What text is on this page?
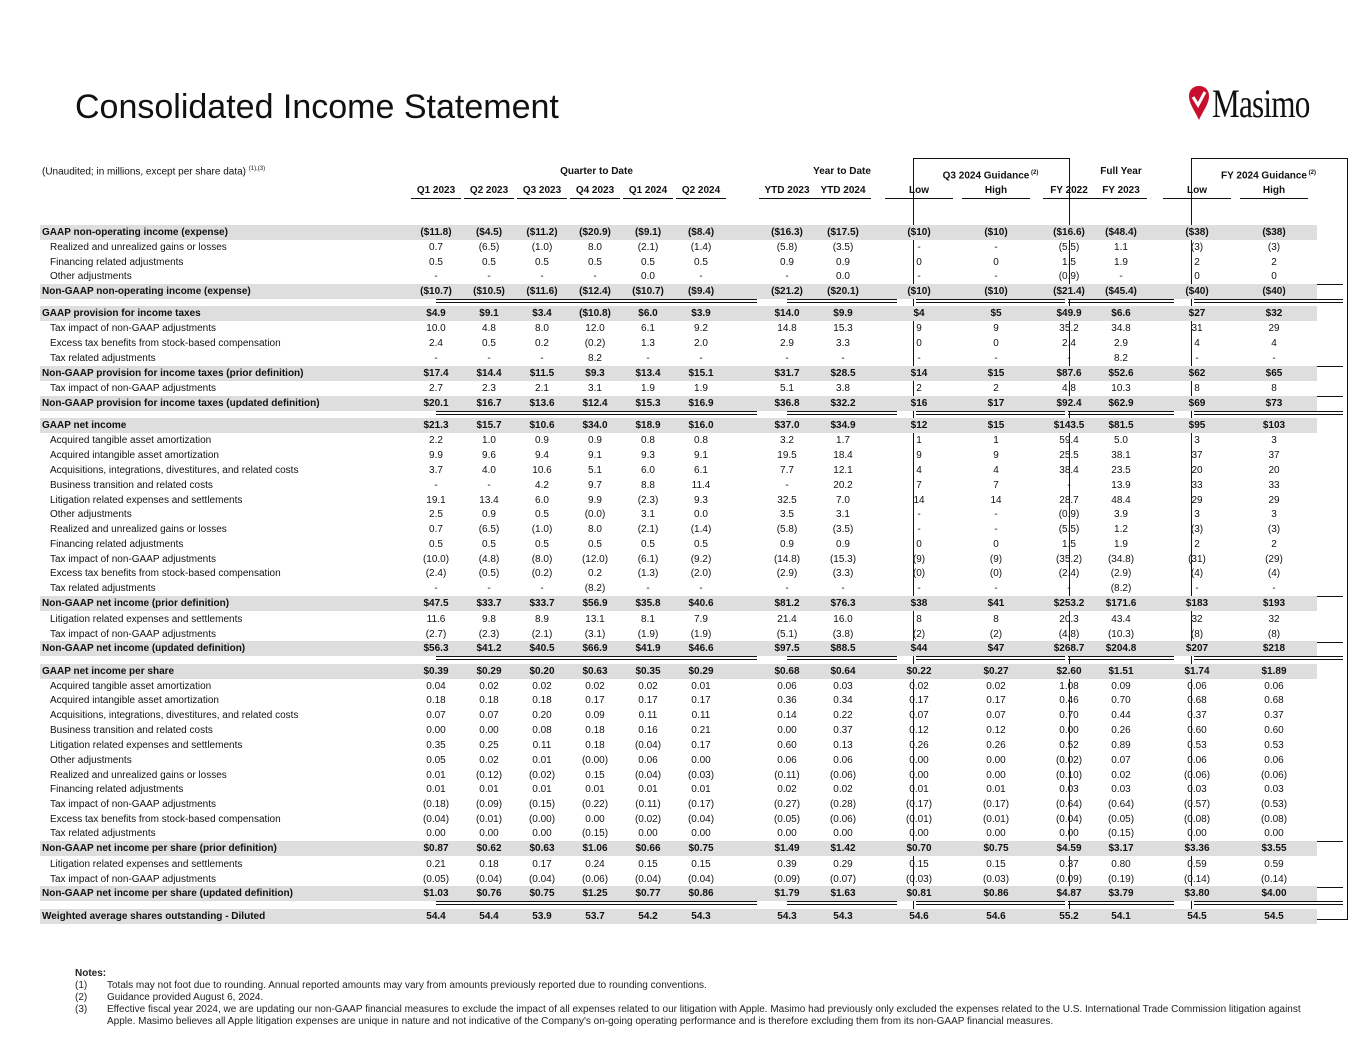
Consolidated Income Statement	Masimo
(Unaudited; in millions, except per share data) $^{(1),(3)}$	Quarter to Date	Year to Date	Q3 2024 Guidance $^{(2)}$	Full Year	FY 2024 Guidance $^{(2)}$
Q1 2023	Q2 2023	Q3 2023	Q4 2023	Q1 2024	Q2 2024	YTD 2023	YTD 2024	Low	High	FY 2022	FY 2023	Low	High
GAAP non-operating income (expense)	($11.8)	($4.5)	($11.2)	($20.9)	($9.1)	($8.4)	($16.3)	($17.5)	($10)	($10)	($16.6)	($48.4)	($38)	($38)
Realized and unrealized gains or losses	0.7	(6.5)	(1.0)	8.0	(2.1)	(1.4)	(5.8)	(3.5)	-	-	(5.5)	1.1	(3)	(3)
Financing related adjustments	0.5	0.5	0.5	0.5	0.5	0.5	0.9	0.9	0	0	1.5	1.9	2	2
Other adjustments	-	-	-	-	0.0	-	-	0.0	-	-	(0.9)	-	0	0
Non-GAAP non-operating income (expense)	($10.7)	($10.5)	($11.6)	($12.4)	($10.7)	($9.4)	($21.2)	($20.1)	($10)	($10)	($21.4)	($45.4)	($40)	($40)
GAAP provision for income taxes	$4.9	$9.1	$3.4	($10.8)	$6.0	$3.9	$14.0	$9.9	$4	$5	$49.9	$6.6	$27	$32
Tax impact of non-GAAP adjustments	10.0	4.8	8.0	12.0	6.1	9.2	14.8	15.3	9	9	35.2	34.8	31	29
Excess tax benefits from stock-based compensation	2.4	0.5	0.2	(0.2)	1.3	2.0	2.9	3.3	0	0	2.4	2.9	4	4
Tax related adjustments	-	-	-	8.2	-	-	-	-	-	-	-	8.2	-	-
Non-GAAP provision for income taxes (prior definition)	$17.4	$14.4	$11.5	$9.3	$13.4	$15.1	$31.7	$28.5	$14	$15	$87.6	$52.6	$62	$65
Tax impact of non-GAAP adjustments	2.7	2.3	2.1	3.1	1.9	1.9	5.1	3.8	2	2	4.8	10.3	8	8
Non-GAAP provision for income taxes (updated definition)	$20.1	$16.7	$13.6	$12.4	$15.3	$16.9	$36.8	$32.2	$16	$17	$92.4	$62.9	$69	$73
GAAP net income	$21.3	$15.7	$10.6	$34.0	$18.9	$16.0	$37.0	$34.9	$12	$15	$143.5	$81.5	$95	$103
Acquired tangible asset amortization	2.2	1.0	0.9	0.9	0.8	0.8	3.2	1.7	1	1	59.4	5.0	3	3
Acquired intangible asset amortization	9.9	9.6	9.4	9.1	9.3	9.1	19.5	18.4	9	9	25.5	38.1	37	37
Acquisitions, integrations, divestitures, and related costs	3.7	4.0	10.6	5.1	6.0	6.1	7.7	12.1	4	4	38.4	23.5	20	20
Business transition and related costs	-	-	4.2	9.7	8.8	11.4	-	20.2	7	7	-	13.9	33	33
Litigation related expenses and settlements	19.1	13.4	6.0	9.9	(2.3)	9.3	32.5	7.0	14	14	28.7	48.4	29	29
Other adjustments	2.5	0.9	0.5	(0.0)	3.1	0.0	3.5	3.1	-	-	(0.9)	3.9	3	3
Realized and unrealized gains or losses	0.7	(6.5)	(1.0)	8.0	(2.1)	(1.4)	(5.8)	(3.5)	-	-	(5.5)	1.2	(3)	(3)
Financing related adjustments	0.5	0.5	0.5	0.5	0.5	0.5	0.9	0.9	0	0	1.5	1.9	2	2
Tax impact of non-GAAP adjustments	(10.0)	(4.8)	(8.0)	(12.0)	(6.1)	(9.2)	(14.8)	(15.3)	(9)	(9)	(35.2)	(34.8)	(31)	(29)
Excess tax benefits from stock-based compensation	(2.4)	(0.5)	(0.2)	0.2	(1.3)	(2.0)	(2.9)	(3.3)	(0)	(0)	(2.4)	(2.9)	(4)	(4)
Tax related adjustments	-	-	-	(8.2)	-	-	-	-	-	-	-	(8.2)	-	-
Non-GAAP net income (prior definition)	$47.5	$33.7	$33.7	$56.9	$35.8	$40.6	$81.2	$76.3	$38	$41	$253.2	$171.6	$183	$193
Litigation related expenses and settlements	11.6	9.8	8.9	13.1	8.1	7.9	21.4	16.0	8	8	20.3	43.4	32	32
Tax impact of non-GAAP adjustments	(2.7)	(2.3)	(2.1)	(3.1)	(1.9)	(1.9)	(5.1)	(3.8)	(2)	(2)	(4.8)	(10.3)	(8)	(8)
Non-GAAP net income (updated definition)	$56.3	$41.2	$40.5	$66.9	$41.9	$46.6	$97.5	$88.5	$44	$47	$268.7	$204.8	$207	$218
GAAP net income per share	$0.39	$0.29	$0.20	$0.63	$0.35	$0.29	$0.68	$0.64	$0.22	$0.27	$2.60	$1.51	$1.74	$1.89
Acquired tangible asset amortization	0.04	0.02	0.02	0.02	0.02	0.01	0.06	0.03	0.02	0.02	1.08	0.09	0.06	0.06
Acquired intangible asset amortization	0.18	0.18	0.18	0.17	0.17	0.17	0.36	0.34	0.17	0.17	0.46	0.70	0.68	0.68
Acquisitions, integrations, divestitures, and related costs	0.07	0.07	0.20	0.09	0.11	0.11	0.14	0.22	0.07	0.07	0.70	0.44	0.37	0.37
Business transition and related costs	0.00	0.00	0.08	0.18	0.16	0.21	0.00	0.37	0.12	0.12	0.00	0.26	0.60	0.60
Litigation related expenses and settlements	0.35	0.25	0.11	0.18	(0.04)	0.17	0.60	0.13	0.26	0.26	0.52	0.89	0.53	0.53
Other adjustments	0.05	0.02	0.01	(0.00)	0.06	0.00	0.06	0.06	0.00	0.00	(0.02)	0.07	0.06	0.06
Realized and unrealized gains or losses	0.01	(0.12)	(0.02)	0.15	(0.04)	(0.03)	(0.11)	(0.06)	0.00	0.00	(0.10)	0.02	(0.06)	(0.06)
Financing related adjustments	0.01	0.01	0.01	0.01	0.01	0.01	0.02	0.02	0.01	0.01	0.03	0.03	0.03	0.03
Tax impact of non-GAAP adjustments	(0.18)	(0.09)	(0.15)	(0.22)	(0.11)	(0.17)	(0.27)	(0.28)	(0.17)	(0.17)	(0.64)	(0.64)	(0.57)	(0.53)
Excess tax benefits from stock-based compensation	(0.04)	(0.01)	(0.00)	0.00	(0.02)	(0.04)	(0.05)	(0.06)	(0.01)	(0.01)	(0.04)	(0.05)	(0.08)	(0.08)
Tax related adjustments	0.00	0.00	0.00	(0.15)	0.00	0.00	0.00	0.00	0.00	0.00	0.00	(0.15)	0.00	0.00
Non-GAAP net income per share (prior definition)	$0.87	$0.62	$0.63	$1.06	$0.66	$0.75	$1.49	$1.42	$0.70	$0.75	$4.59	$3.17	$3.36	$3.55
Litigation related expenses and settlements	0.21	0.18	0.17	0.24	0.15	0.15	0.39	0.29	0.15	0.15	0.37	0.80	0.59	0.59
Tax impact of non-GAAP adjustments	(0.05)	(0.04)	(0.04)	(0.06)	(0.04)	(0.04)	(0.09)	(0.07)	(0.03)	(0.03)	(0.09)	(0.19)	(0.14)	(0.14)
Non-GAAP net income per share (updated definition)	$1.03	$0.76	$0.75	$1.25	$0.77	$0.86	$1.79	$1.63	$0.81	$0.86	$4.87	$3.79	$3.80	$4.00
Weighted average shares outstanding - Diluted	54.4	54.4	53.9	53.7	54.2	54.3	54.3	54.3	54.6	54.6	55.2	54.1	54.5	54.5
Notes:
(1)	Totals may not foot due to rounding. Annual reported amounts may vary from amounts previously reported due to rounding conventions.
(2)	Guidance provided August 6, 2024.
(3)	Effective fiscal year 2024, we are updating our non-GAAP financial measures to exclude the impact of all expenses related to our litigation with Apple. Masimo had previously only excluded the expenses related to the U.S. International Trade Commission litigation against Apple. Masimo believes all Apple litigation expenses are unique in nature and not indicative of the Company's on-going operating performance and is therefore excluding them from its non-GAAP financial measures.
